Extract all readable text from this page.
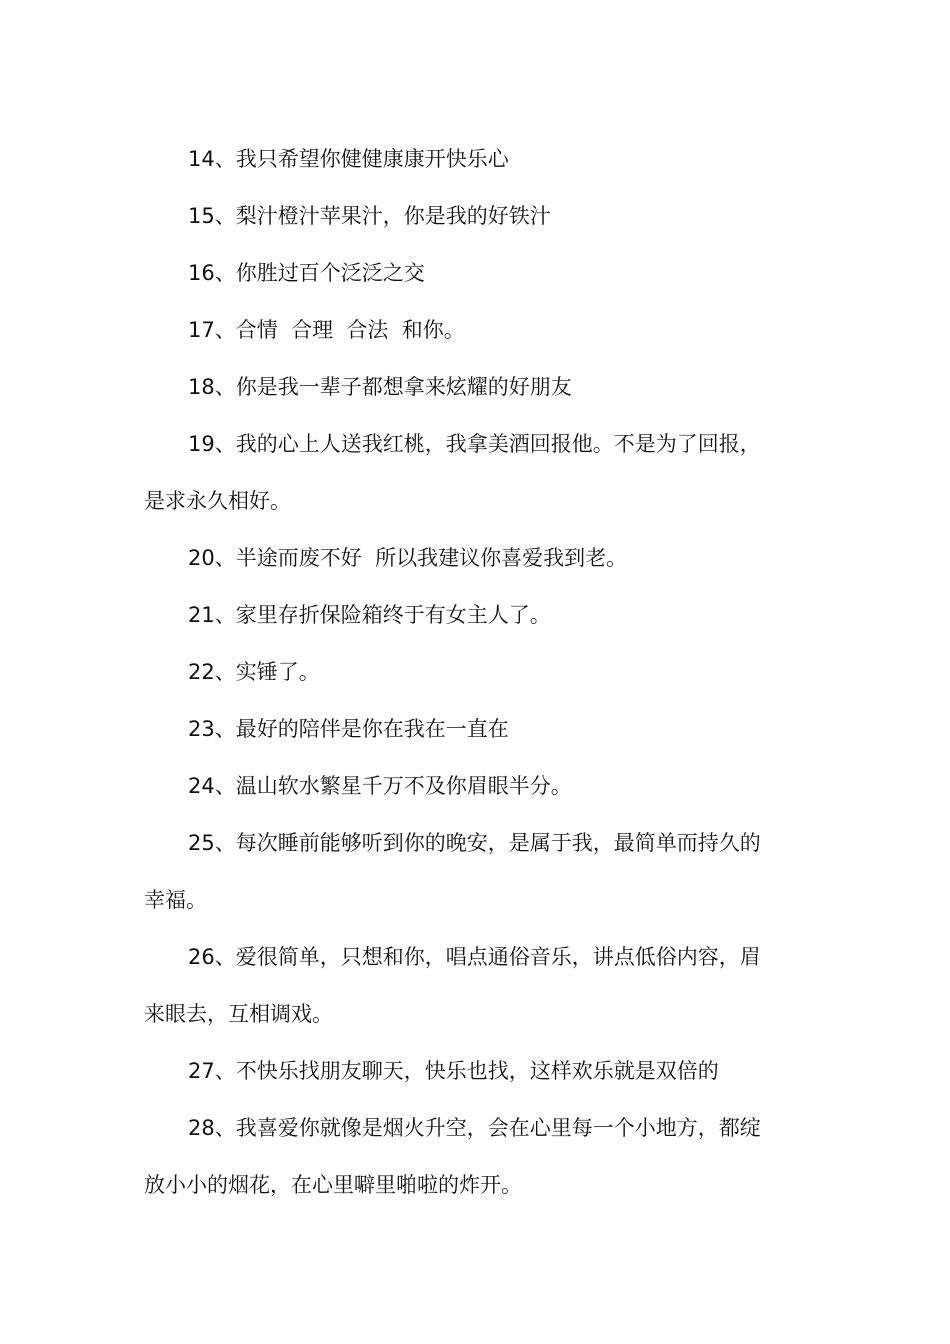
14、我只希望你健健康康开快乐心

15、梨汁橙汁苹果汁，你是我的好铁汁

16、你胜过百个泛泛之交

17、合情  合理  合法  和你。

18、你是我一辈子都想拿来炫耀的好朋友

19、我的心上人送我红桃，我拿美酒回报他。不是为了回报，
是求永久相好。

20、半途而废不好  所以我建议你喜爱我到老。

21、家里存折保险箱终于有女主人了。

22、实锤了。

23、最好的陪伴是你在我在一直在

24、温山软水繁星千万不及你眉眼半分。

25、每次睡前能够听到你的晚安，是属于我，最简单而持久的
幸福。

26、爱很简单，只想和你，唱点通俗音乐，讲点低俗内容，眉
来眼去，互相调戏。

27、不快乐找朋友聊天，快乐也找，这样欢乐就是双倍的

28、我喜爱你就像是烟火升空，会在心里每一个小地方，都绽
放小小的烟花，在心里噼里啪啦的炸开。
